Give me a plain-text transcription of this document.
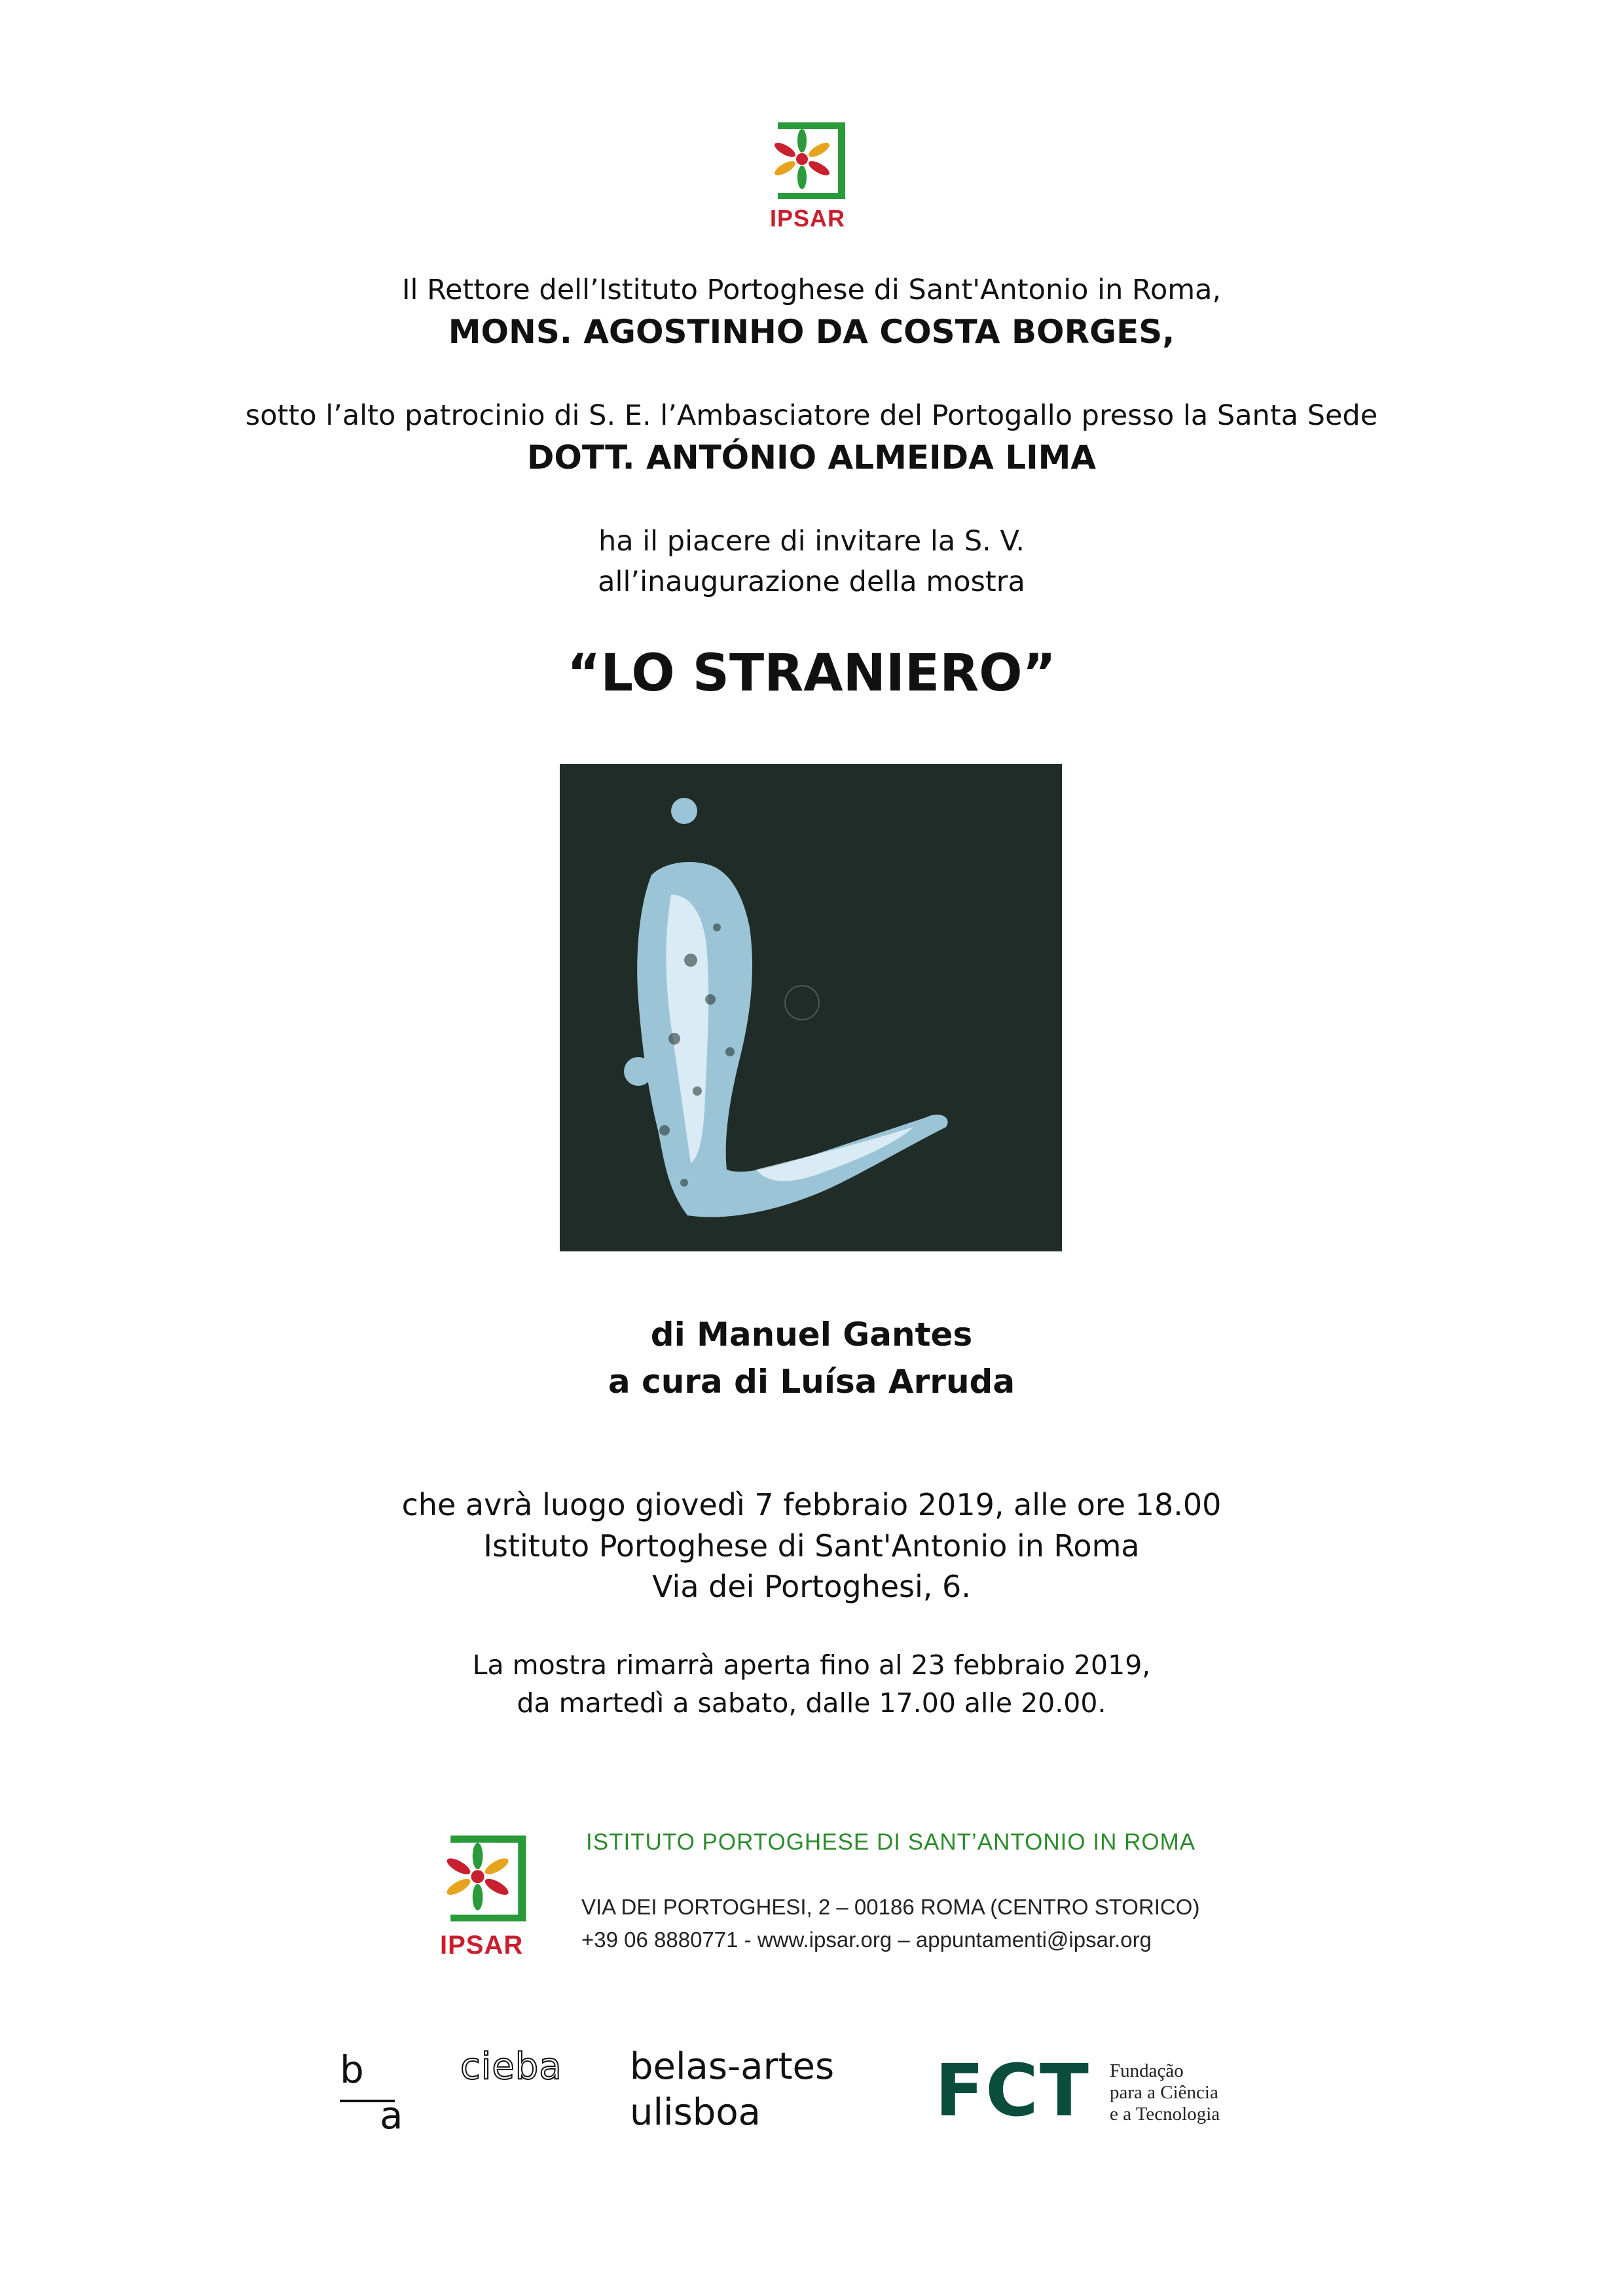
IPSAR
Il Rettore dell’Istituto Portoghese di Sant'Antonio in Roma,
MONS. AGOSTINHO DA COSTA BORGES,
sotto l’alto patrocinio di S. E. l’Ambasciatore del Portogallo presso la Santa Sede
DOTT. ANTÓNIO ALMEIDA LIMA
ha il piacere di invitare la S. V.
all’inaugurazione della mostra
“LO STRANIERO”
di Manuel Gantes
a cura di Luísa Arruda
che avrà luogo giovedì 7 febbraio 2019, alle ore 18.00
Istituto Portoghese di Sant'Antonio in Roma
Via dei Portoghesi, 6.
La mostra rimarrà aperta fino al 23 febbraio 2019,
da martedì a sabato, dalle 17.00 alle 20.00.
IPSAR
ISTITUTO PORTOGHESE DI SANT’ANTONIO IN ROMA
VIA DEI PORTOGHESI, 2 – 00186 ROMA (CENTRO STORICO)
+39 06 8880771 - www.ipsar.org – appuntamenti@ipsar.org
b
a
cieba belas-artes
ulisboa FCT Fundação
para a Ciência
e a Tecnologia
